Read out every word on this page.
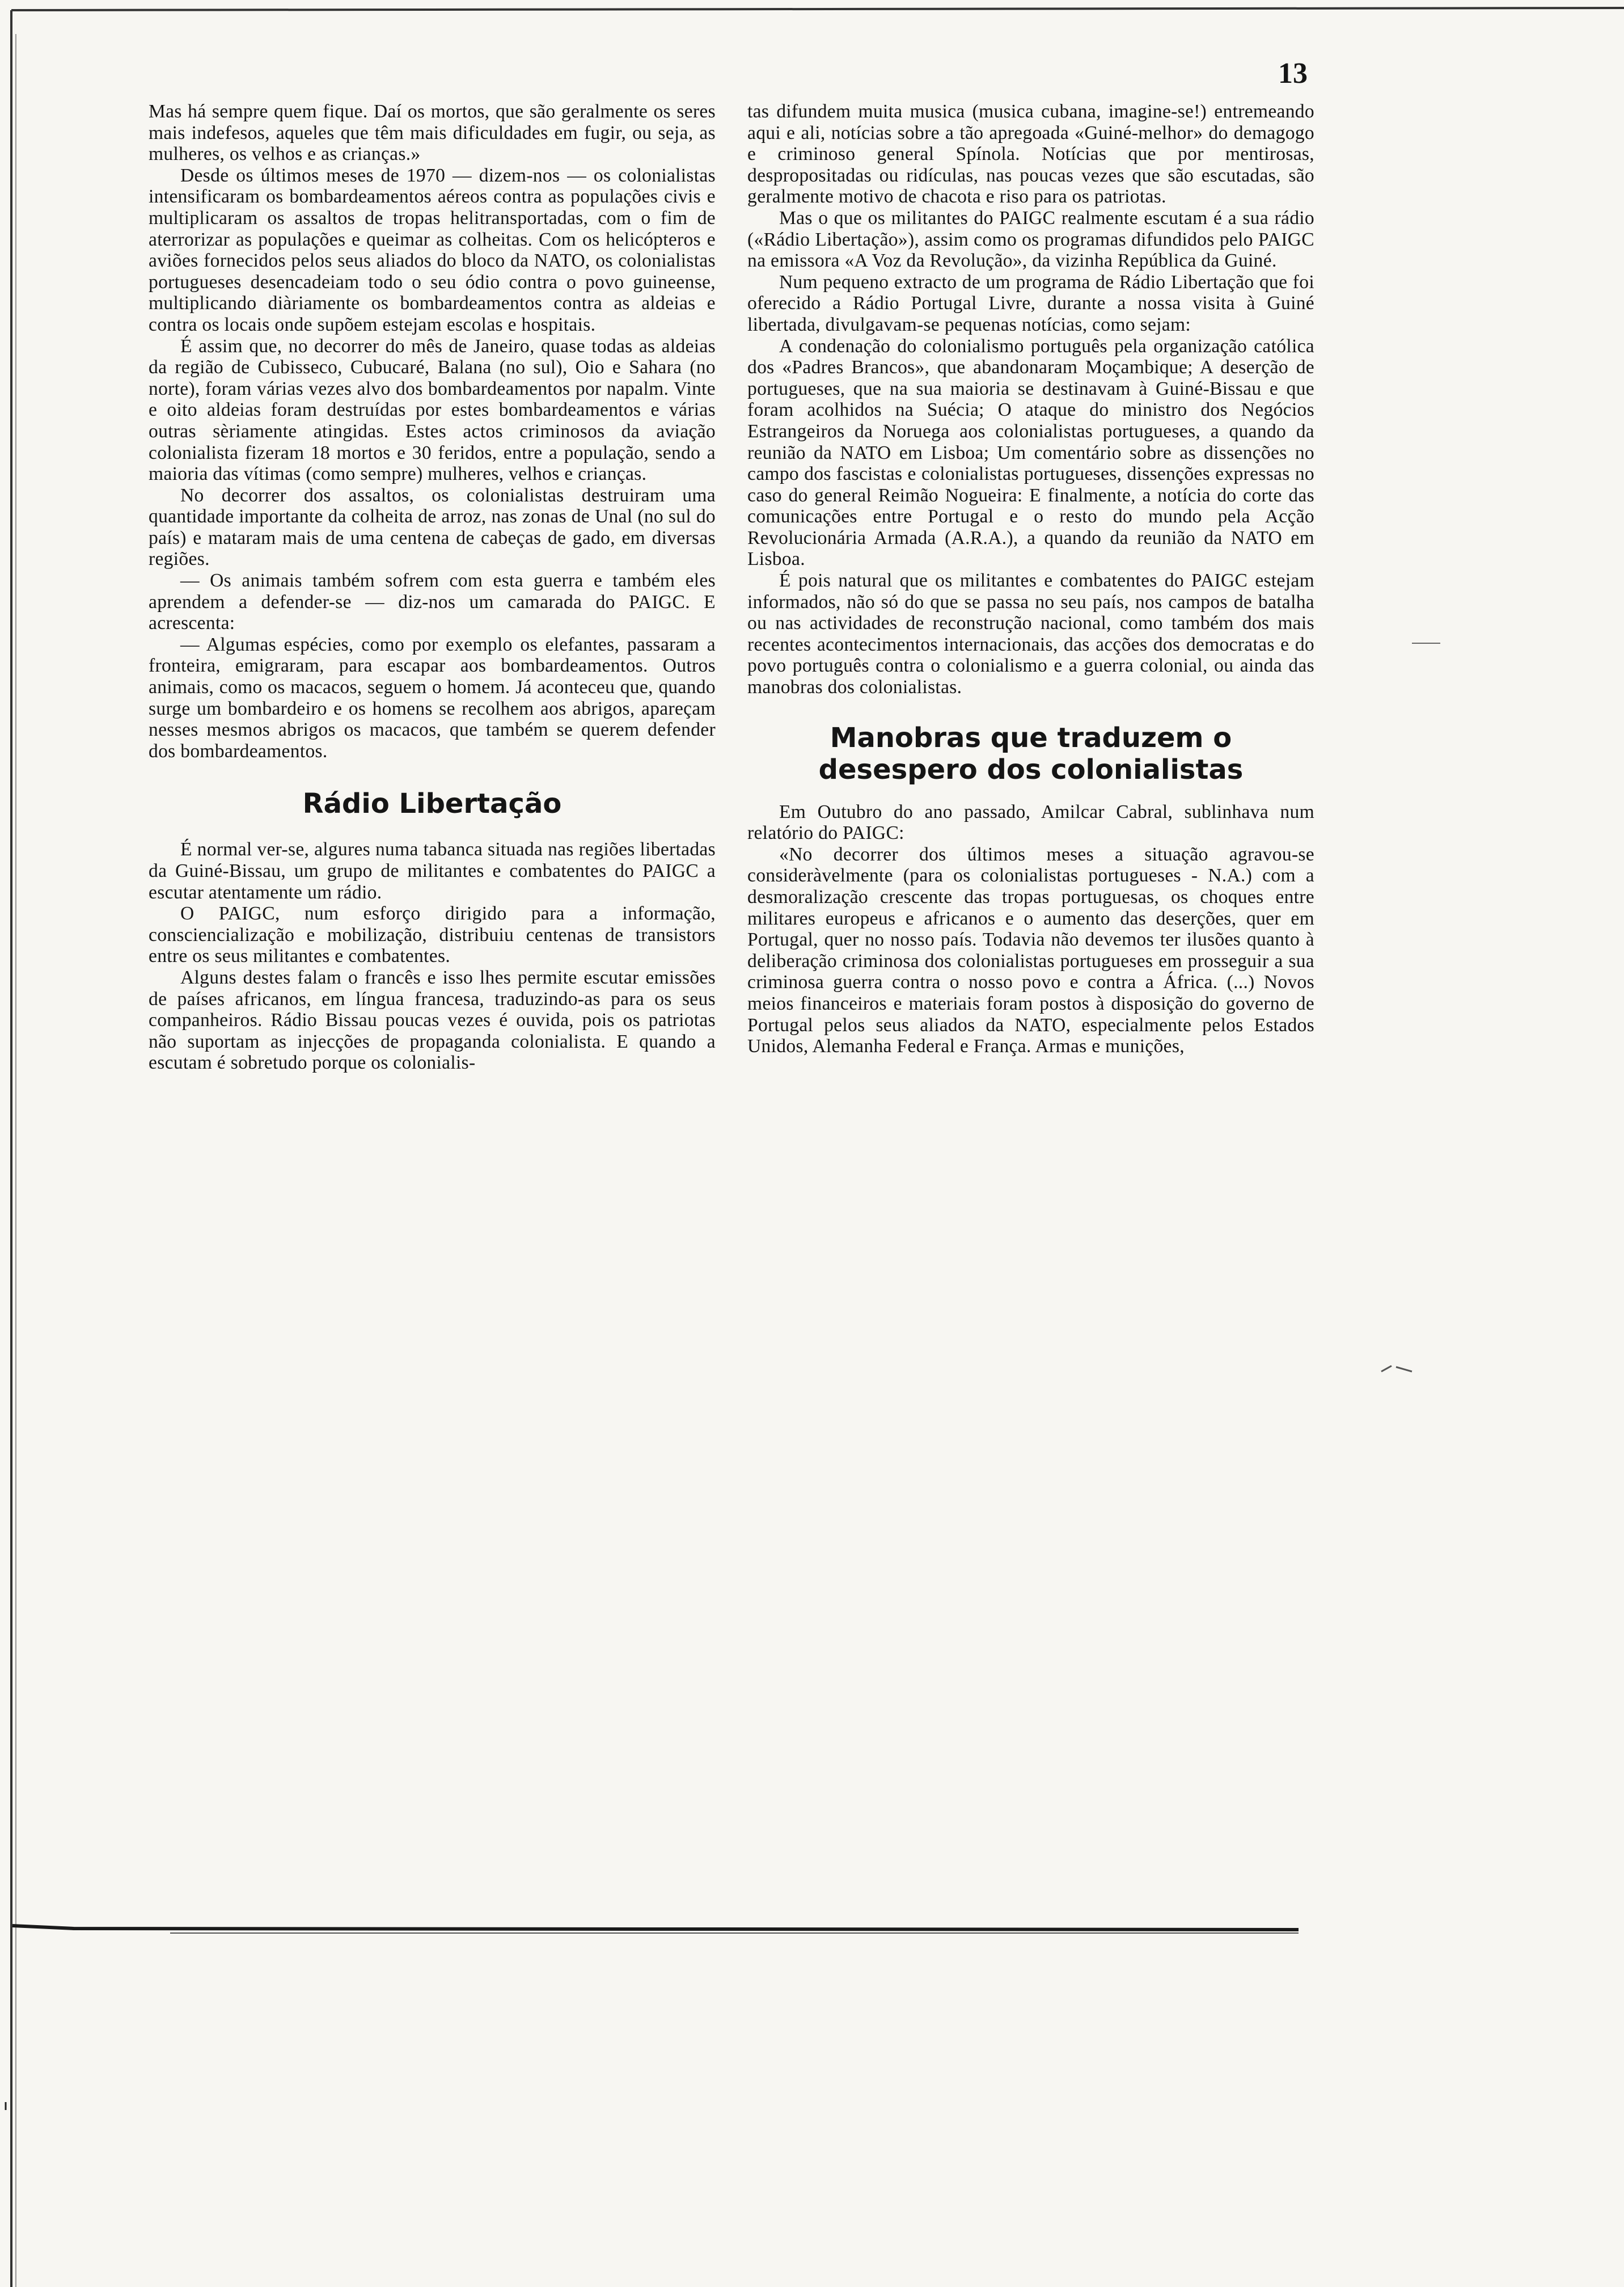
13

Mas há sempre quem fique. Daí os mortos, que são geralmente os seres mais indefesos, aqueles que têm mais dificuldades em fugir, ou seja, as mulheres, os velhos e as crianças.»

Desde os últimos meses de 1970 — dizem-nos — os colonialistas intensificaram os bombardeamentos aéreos contra as populações civis e multiplicaram os assaltos de tropas helitransportadas, com o fim de aterrorizar as populações e queimar as colheitas. Com os helicópteros e aviões fornecidos pelos seus aliados do bloco da NATO, os colonialistas portugueses desencadeiam todo o seu ódio contra o povo guineense, multiplicando diàriamente os bombardeamentos contra as aldeias e contra os locais onde supõem estejam escolas e hospitais.

É assim que, no decorrer do mês de Janeiro, quase todas as aldeias da região de Cubisseco, Cubucaré, Balana (no sul), Oio e Sahara (no norte), foram várias vezes alvo dos bombardeamentos por napalm. Vinte e oito aldeias foram destruídas por estes bombardeamentos e várias outras sèriamente atingidas. Estes actos criminosos da aviação colonialista fizeram 18 mortos e 30 feridos, entre a população, sendo a maioria das vítimas (como sempre) mulheres, velhos e crianças.

No decorrer dos assaltos, os colonialistas destruiram uma quantidade importante da colheita de arroz, nas zonas de Unal (no sul do país) e mataram mais de uma centena de cabeças de gado, em diversas regiões.

— Os animais também sofrem com esta guerra e também eles aprendem a defender-se — diz-nos um camarada do PAIGC. E acrescenta:

— Algumas espécies, como por exemplo os elefantes, passaram a fronteira, emigraram, para escapar aos bombardeamentos. Outros animais, como os macacos, seguem o homem. Já aconteceu que, quando surge um bombardeiro e os homens se recolhem aos abrigos, apareçam nesses mesmos abrigos os macacos, que também se querem defender dos bombardeamentos.

Rádio Libertação

É normal ver-se, algures numa tabanca situada nas regiões libertadas da Guiné-Bissau, um grupo de militantes e combatentes do PAIGC a escutar atentamente um rádio.

O PAIGC, num esforço dirigido para a informação, consciencialização e mobilização, distribuiu centenas de transistors entre os seus militantes e combatentes.

Alguns destes falam o francês e isso lhes permite escutar emissões de países africanos, em língua francesa, traduzindo-as para os seus companheiros. Rádio Bissau poucas vezes é ouvida, pois os patriotas não suportam as injecções de propaganda colonialista. E quando a escutam é sobretudo porque os colonialis-

tas difundem muita musica (musica cubana, imagine-se!) entremeando aqui e ali, notícias sobre a tão apregoada «Guiné-melhor» do demagogo e criminoso general Spínola. Notícias que por mentirosas, despropositadas ou ridículas, nas poucas vezes que são escutadas, são geralmente motivo de chacota e riso para os patriotas.

Mas o que os militantes do PAIGC realmente escutam é a sua rádio («Rádio Libertação»), assim como os programas difundidos pelo PAIGC na emissora «A Voz da Revolução», da vizinha República da Guiné.

Num pequeno extracto de um programa de Rádio Libertação que foi oferecido a Rádio Portugal Livre, durante a nossa visita à Guiné libertada, divulgavam-se pequenas notícias, como sejam:

A condenação do colonialismo português pela organização católica dos «Padres Brancos», que abandonaram Moçambique; A deserção de portugueses, que na sua maioria se destinavam à Guiné-Bissau e que foram acolhidos na Suécia; O ataque do ministro dos Negócios Estrangeiros da Noruega aos colonialistas portugueses, a quando da reunião da NATO em Lisboa; Um comentário sobre as dissenções no campo dos fascistas e colonialistas portugueses, dissenções expressas no caso do general Reimão Nogueira: E finalmente, a notícia do corte das comunicações entre Portugal e o resto do mundo pela Acção Revolucionária Armada (A.R.A.), a quando da reunião da NATO em Lisboa.

É pois natural que os militantes e combatentes do PAIGC estejam informados, não só do que se passa no seu país, nos campos de batalha ou nas actividades de reconstrução nacional, como também dos mais recentes acontecimentos internacionais, das acções dos democratas e do povo português contra o colonialismo e a guerra colonial, ou ainda das manobras dos colonialistas.

Manobras que traduzem o
desespero dos colonialistas

Em Outubro do ano passado, Amilcar Cabral, sublinhava num relatório do PAIGC:

«No decorrer dos últimos meses a situação agravou-se consideràvelmente (para os colonialistas portugueses - N.A.) com a desmoralização crescente das tropas portuguesas, os choques entre militares europeus e africanos e o aumento das deserções, quer em Portugal, quer no nosso país. Todavia não devemos ter ilusões quanto à deliberação criminosa dos colonialistas portugueses em prosseguir a sua criminosa guerra contra o nosso povo e contra a África. (...) Novos meios financeiros e materiais foram postos à disposição do governo de Portugal pelos seus aliados da NATO, especialmente pelos Estados Unidos, Alemanha Federal e França. Armas e munições,
